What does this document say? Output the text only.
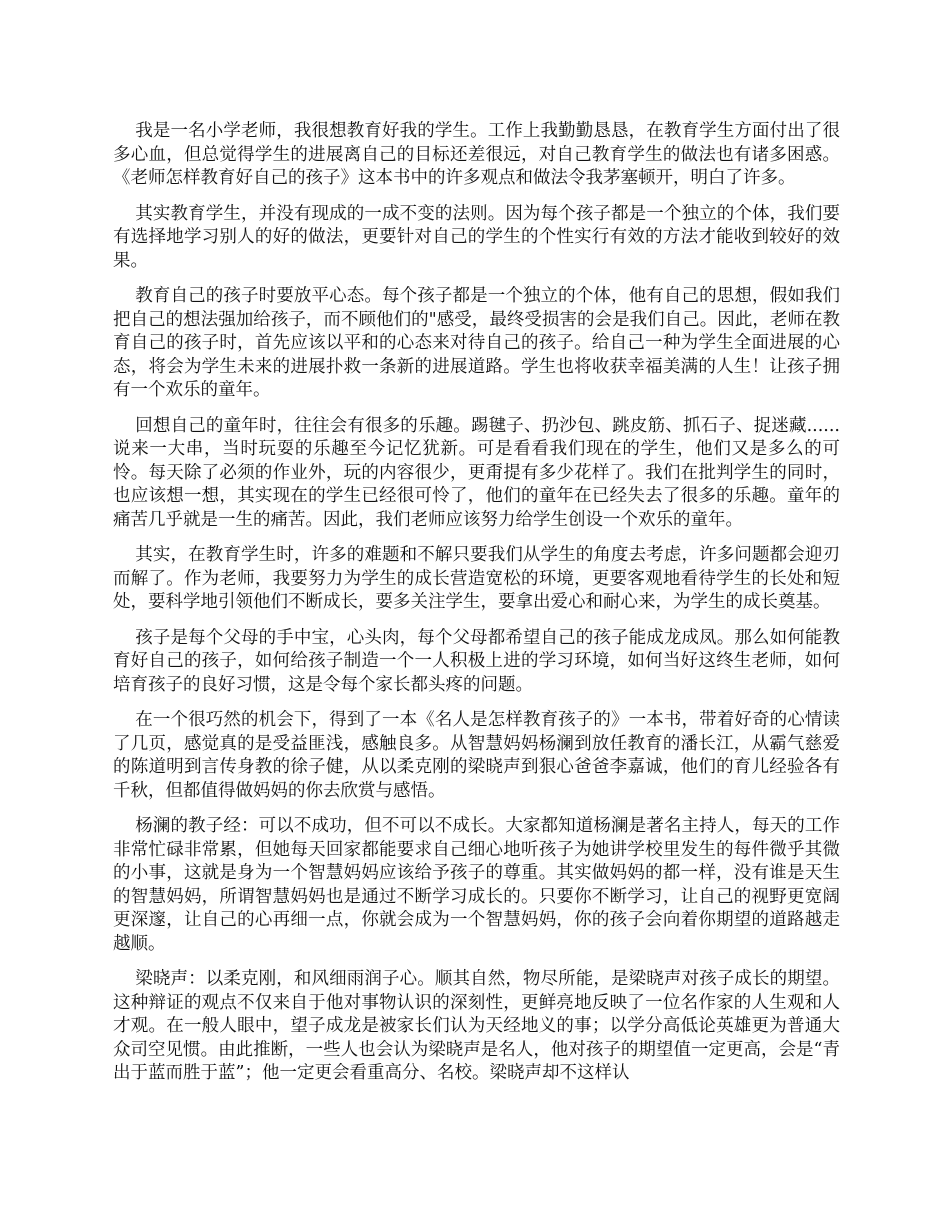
我是一名小学老师，我很想教育好我的学生。工作上我勤勤恳恳，在教育学生方面付出了很多心血，但总觉得学生的进展离自己的目标还差很远，对自己教育学生的做法也有诸多困惑。《老师怎样教育好自己的孩子》这本书中的许多观点和做法令我茅塞顿开，明白了许多。

其实教育学生，并没有现成的一成不变的法则。因为每个孩子都是一个独立的个体，我们要有选择地学习别人的好的做法，更要针对自己的学生的个性实行有效的方法才能收到较好的效果。

教育自己的孩子时要放平心态。每个孩子都是一个独立的个体，他有自己的思想，假如我们把自己的想法强加给孩子，而不顾他们的"感受，最终受损害的会是我们自己。因此，老师在教育自己的孩子时，首先应该以平和的心态来对待自己的孩子。给自己一种为学生全面进展的心态，将会为学生未来的进展扑救一条新的进展道路。学生也将收获幸福美满的人生！让孩子拥有一个欢乐的童年。

回想自己的童年时，往往会有很多的乐趣。踢毽子、扔沙包、跳皮筋、抓石子、捉迷藏......说来一大串，当时玩耍的乐趣至今记忆犹新。可是看看我们现在的学生，他们又是多么的可怜。每天除了必须的作业外，玩的内容很少，更甭提有多少花样了。我们在批判学生的同时，也应该想一想，其实现在的学生已经很可怜了，他们的童年在已经失去了很多的乐趣。童年的痛苦几乎就是一生的痛苦。因此，我们老师应该努力给学生创设一个欢乐的童年。

其实，在教育学生时，许多的难题和不解只要我们从学生的角度去考虑，许多问题都会迎刃而解了。作为老师，我要努力为学生的成长营造宽松的环境，更要客观地看待学生的长处和短处，要科学地引领他们不断成长，要多关注学生，要拿出爱心和耐心来，为学生的成长奠基。

孩子是每个父母的手中宝，心头肉，每个父母都希望自己的孩子能成龙成凤。那么如何能教育好自己的孩子，如何给孩子制造一个一人积极上进的学习环境，如何当好这终生老师，如何培育孩子的良好习惯，这是令每个家长都头疼的问题。

在一个很巧然的机会下，得到了一本《名人是怎样教育孩子的》一本书，带着好奇的心情读了几页，感觉真的是受益匪浅，感触良多。从智慧妈妈杨澜到放任教育的潘长江，从霸气慈爱的陈道明到言传身教的徐子健，从以柔克刚的梁晓声到狠心爸爸李嘉诚，他们的育儿经验各有千秋，但都值得做妈妈的你去欣赏与感悟。

杨澜的教子经：可以不成功，但不可以不成长。大家都知道杨澜是著名主持人，每天的工作非常忙碌非常累，但她每天回家都能要求自己细心地听孩子为她讲学校里发生的每件微乎其微的小事，这就是身为一个智慧妈妈应该给予孩子的尊重。其实做妈妈的都一样，没有谁是天生的智慧妈妈，所谓智慧妈妈也是通过不断学习成长的。只要你不断学习，让自己的视野更宽阔更深邃，让自己的心再细一点，你就会成为一个智慧妈妈，你的孩子会向着你期望的道路越走越顺。

梁晓声：以柔克刚，和风细雨润子心。顺其自然，物尽所能，是梁晓声对孩子成长的期望。这种辩证的观点不仅来自于他对事物认识的深刻性，更鲜亮地反映了一位名作家的人生观和人才观。在一般人眼中，望子成龙是被家长们认为天经地义的事；以学分高低论英雄更为普通大众司空见惯。由此推断，一些人也会认为梁晓声是名人，他对孩子的期望值一定更高，会是“青出于蓝而胜于蓝”；他一定更会看重高分、名校。梁晓声却不这样认
